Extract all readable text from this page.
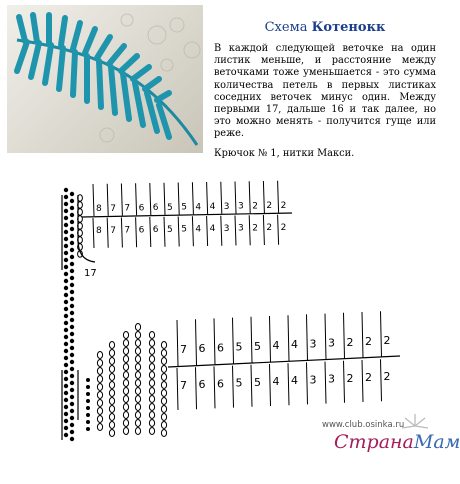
Схема Котенокк
В каждой следующей веточке на один листик меньше, и расстояние между веточками тоже уменьшается - это сумма количества петель в первых листиках соседних веточек минус один. Между первыми 17, дальше 16 и так далее, но это можно менять - получится гуще или реже.
Крючок № 1, нитки Макси.
8 7 7 6 6 5 5 4 4 3 3 2 2 2
8 7 7 6 6 5 5 4 4 3 3 2 2 2
7 6 6 5 5 4 4 3 3 2 2 2
7 6 6 5 5 4 4 3 3 2 2 2
17
www.club.osinka.ru
СтранаМам
